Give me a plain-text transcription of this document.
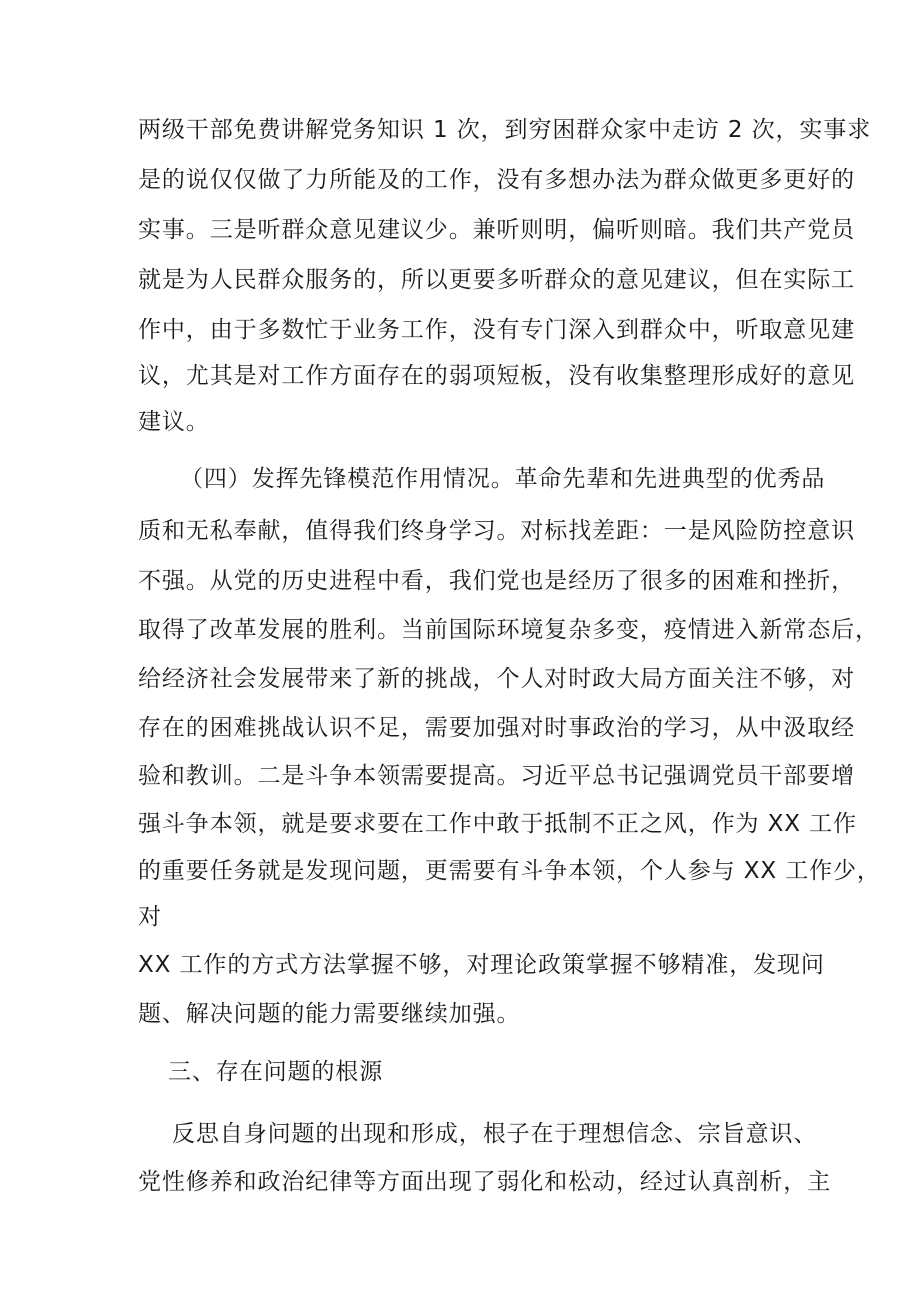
两级干部免费讲解党务知识 1 次，到穷困群众家中走访 2 次，实事求
是的说仅仅做了力所能及的工作，没有多想办法为群众做更多更好的
实事。三是听群众意见建议少。兼听则明，偏听则暗。我们共产党员
就是为人民群众服务的，所以更要多听群众的意见建议，但在实际工
作中，由于多数忙于业务工作，没有专门深入到群众中，听取意见建
议，尤其是对工作方面存在的弱项短板，没有收集整理形成好的意见
建议。
（四）发挥先锋模范作用情况。革命先辈和先进典型的优秀品
质和无私奉献，值得我们终身学习。对标找差距：一是风险防控意识
不强。从党的历史进程中看，我们党也是经历了很多的困难和挫折，
取得了改革发展的胜利。当前国际环境复杂多变，疫情进入新常态后，
给经济社会发展带来了新的挑战，个人对时政大局方面关注不够，对
存在的困难挑战认识不足，需要加强对时事政治的学习，从中汲取经
验和教训。二是斗争本领需要提高。习近平总书记强调党员干部要增
强斗争本领，就是要求要在工作中敢于抵制不正之风，作为 XX 工作
的重要任务就是发现问题，更需要有斗争本领，个人参与 XX 工作少，
对
XX 工作的方式方法掌握不够，对理论政策掌握不够精准，发现问
题、解决问题的能力需要继续加强。
三、存在问题的根源
反思自身问题的出现和形成，根子在于理想信念、宗旨意识、
党性修养和政治纪律等方面出现了弱化和松动，经过认真剖析，主
